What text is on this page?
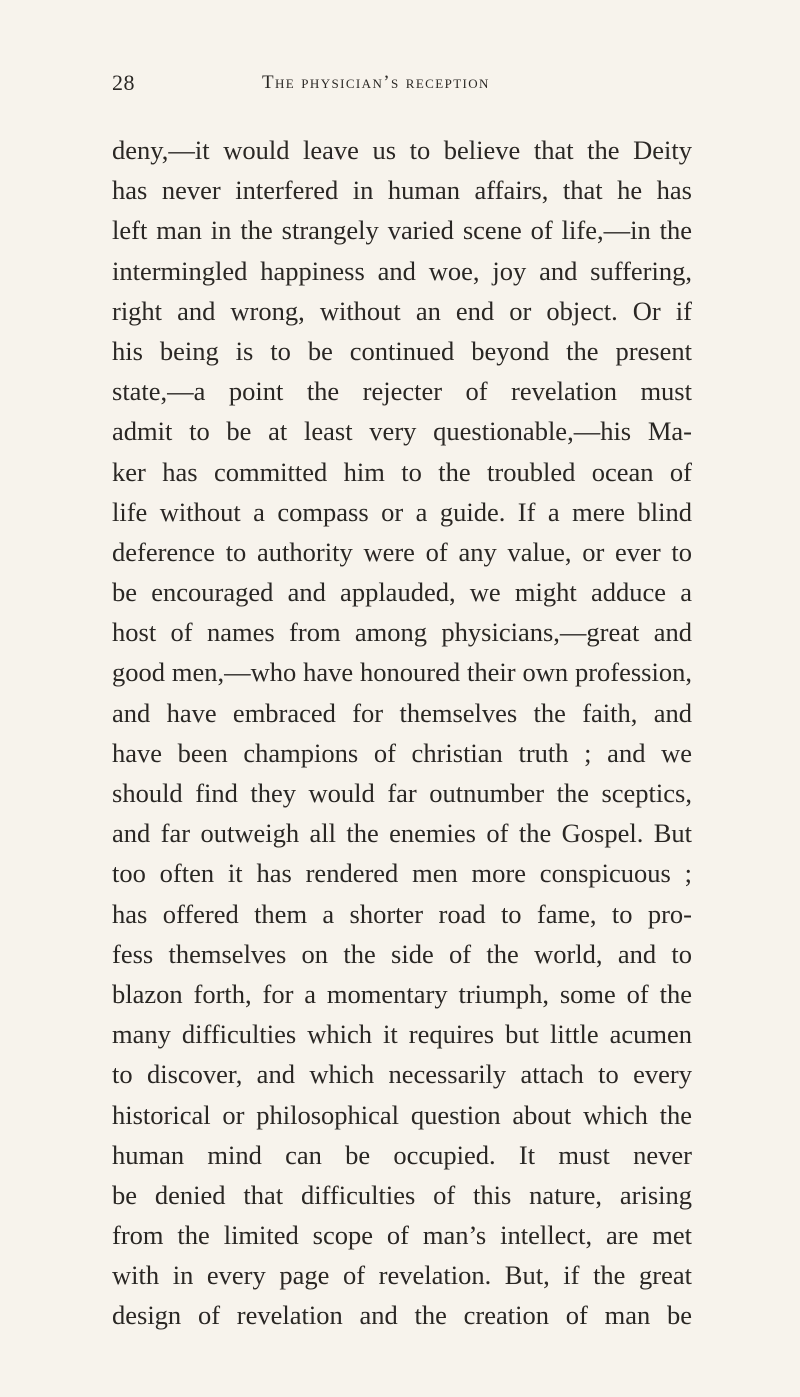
28	the physician’s reception
deny,—it would leave us to believe that the Deity
has never interfered in human affairs, that he has
left man in the strangely varied scene of life,—in the
intermingled happiness and woe, joy and suffering,
right and wrong, without an end or object. Or if
his being is to be continued beyond the present
state,—a point the rejecter of revelation must
admit to be at least very questionable,—his Ma-
ker has committed him to the troubled ocean of
life without a compass or a guide. If a mere blind
deference to authority were of any value, or ever to
be encouraged and applauded, we might adduce a
host of names from among physicians,—great and
good men,—who have honoured their own profession,
and have embraced for themselves the faith, and
have been champions of christian truth ; and we
should find they would far outnumber the sceptics,
and far outweigh all the enemies of the Gospel. But
too often it has rendered men more conspicuous ;
has offered them a shorter road to fame, to pro-
fess themselves on the side of the world, and to
blazon forth, for a momentary triumph, some of the
many difficulties which it requires but little acumen
to discover, and which necessarily attach to every
historical or philosophical question about which the
human mind can be occupied. It must never
be denied that difficulties of this nature, arising
from the limited scope of man’s intellect, are met
with in every page of revelation. But, if the great
design of revelation and the creation of man be
